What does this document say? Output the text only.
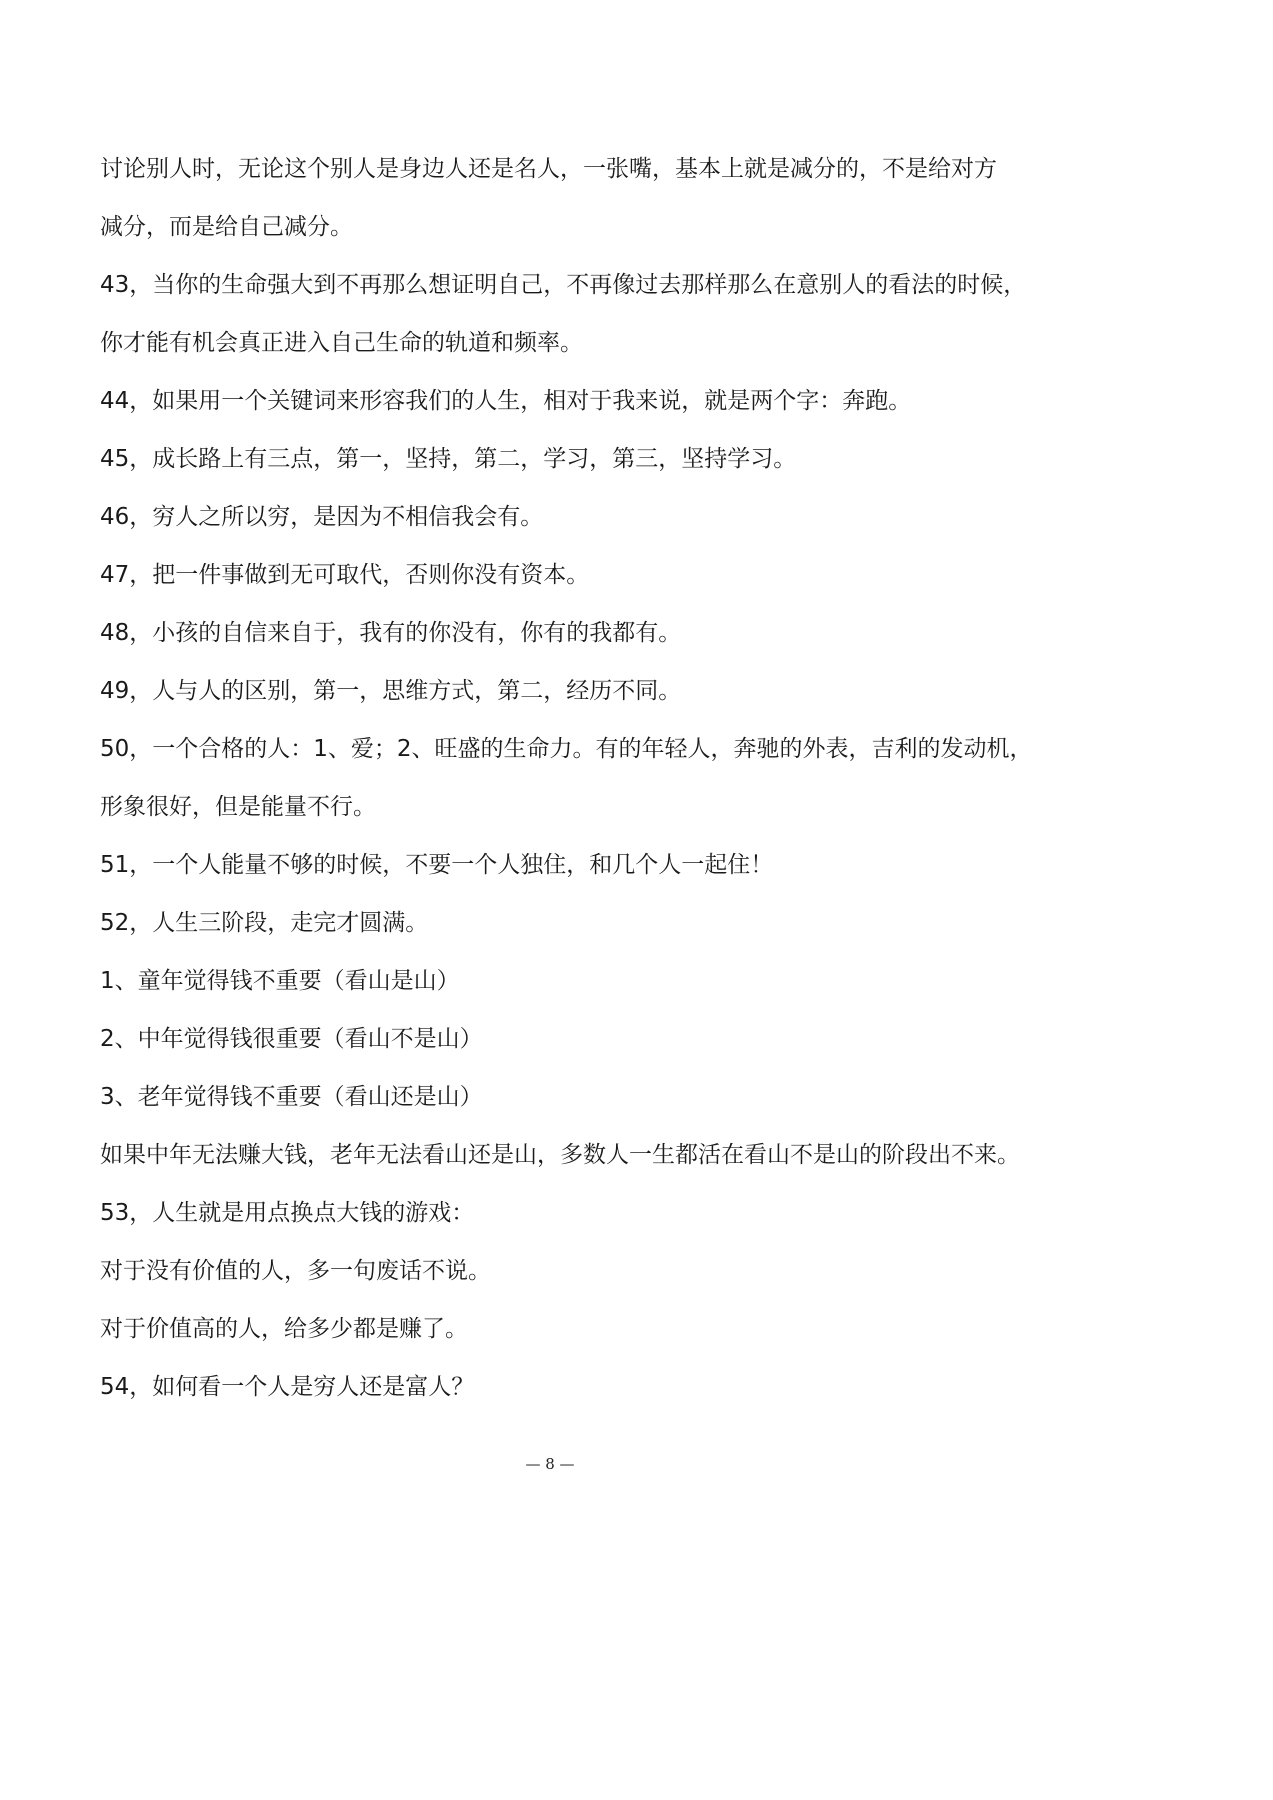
讨论别人时，无论这个别人是身边人还是名人，一张嘴，基本上就是减分的，不是给对方
减分，而是给自己减分。
43，当你的生命强大到不再那么想证明自己，不再像过去那样那么在意别人的看法的时候，
你才能有机会真正进入自己生命的轨道和频率。
44，如果用一个关键词来形容我们的人生，相对于我来说，就是两个字：奔跑。
45，成长路上有三点，第一，坚持，第二，学习，第三，坚持学习。
46，穷人之所以穷，是因为不相信我会有。
47，把一件事做到无可取代，否则你没有资本。
48，小孩的自信来自于，我有的你没有，你有的我都有。
49，人与人的区别，第一，思维方式，第二，经历不同。
50，一个合格的人：1、爱；2、旺盛的生命力。有的年轻人，奔驰的外表，吉利的发动机，
形象很好，但是能量不行。
51，一个人能量不够的时候，不要一个人独住，和几个人一起住！
52，人生三阶段，走完才圆满。
1、童年觉得钱不重要（看山是山）
2、中年觉得钱很重要（看山不是山）
3、老年觉得钱不重要（看山还是山）
如果中年无法赚大钱，老年无法看山还是山，多数人一生都活在看山不是山的阶段出不来。
53，人生就是用点换点大钱的游戏：
对于没有价值的人，多一句废话不说。
对于价值高的人，给多少都是赚了。
54，如何看一个人是穷人还是富人？
— 8 —
